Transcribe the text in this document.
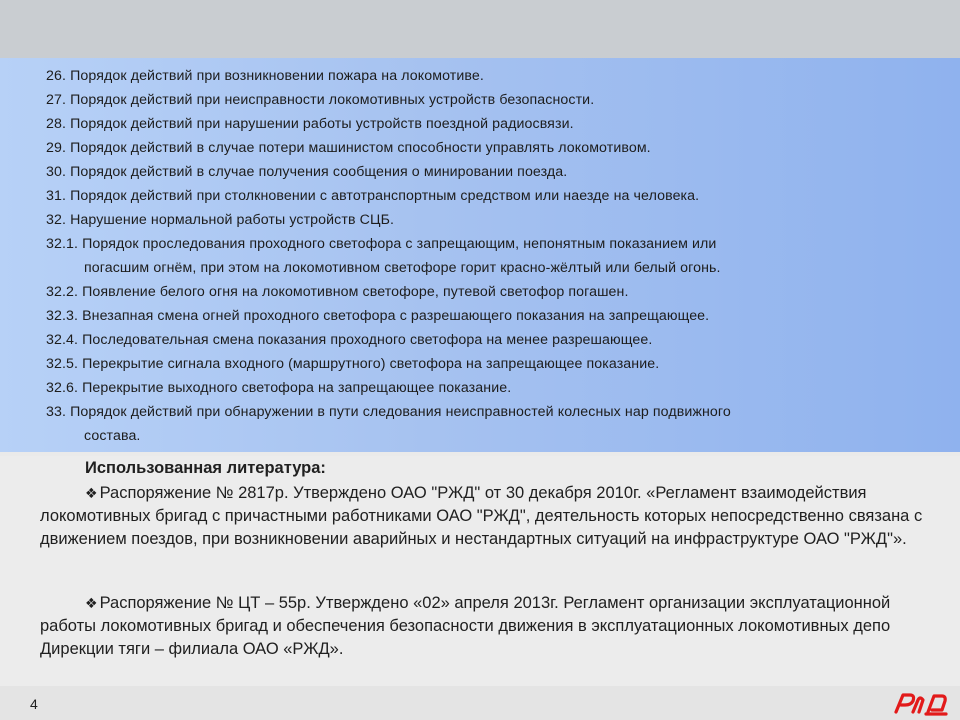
26. Порядок действий при возникновении пожара на локомотиве.
27. Порядок действий при неисправности локомотивных устройств безопасности.
28. Порядок действий при нарушении работы устройств поездной радиосвязи.
29. Порядок действий в случае потери машинистом способности управлять локомотивом.
30. Порядок действий в случае получения сообщения о минировании поезда.
31. Порядок действий при столкновении с автотранспортным средством или наезде на человека.
32. Нарушение нормальной работы устройств СЦБ.
32.1. Порядок проследования проходного светофора с запрещающим, непонятным показанием или
погасшим огнём, при этом на локомотивном светофоре горит красно-жёлтый или белый огонь.
32.2. Появление белого огня на локомотивном светофоре, путевой светофор погашен.
32.3. Внезапная смена огней проходного светофора с разрешающего показания на запрещающее.
32.4. Последовательная смена показания проходного светофора на менее разрешающее.
32.5. Перекрытие сигнала входного (маршрутного) светофора на запрещающее показание.
32.6. Перекрытие выходного светофора на запрещающее показание.
33. Порядок действий при обнаружении в пути следования неисправностей колесных нар подвижного
состава.
Использованная литература:
❖ Распоряжение № 2817р. Утверждено ОАО "РЖД" от 30 декабря 2010г. «Регламент взаимодействия локомотивных бригад с причастными работниками ОАО "РЖД", деятельность которых непосредственно связана с движением поездов, при возникновении аварийных и нестандартных ситуаций на инфраструктуре ОАО "РЖД"».
❖ Распоряжение № ЦТ – 55р. Утверждено «02» апреля 2013г. Регламент организации эксплуатационной работы локомотивных бригад и обеспечения безопасности движения в эксплуатационных локомотивных депо Дирекции тяги – филиала ОАО «РЖД».
4
